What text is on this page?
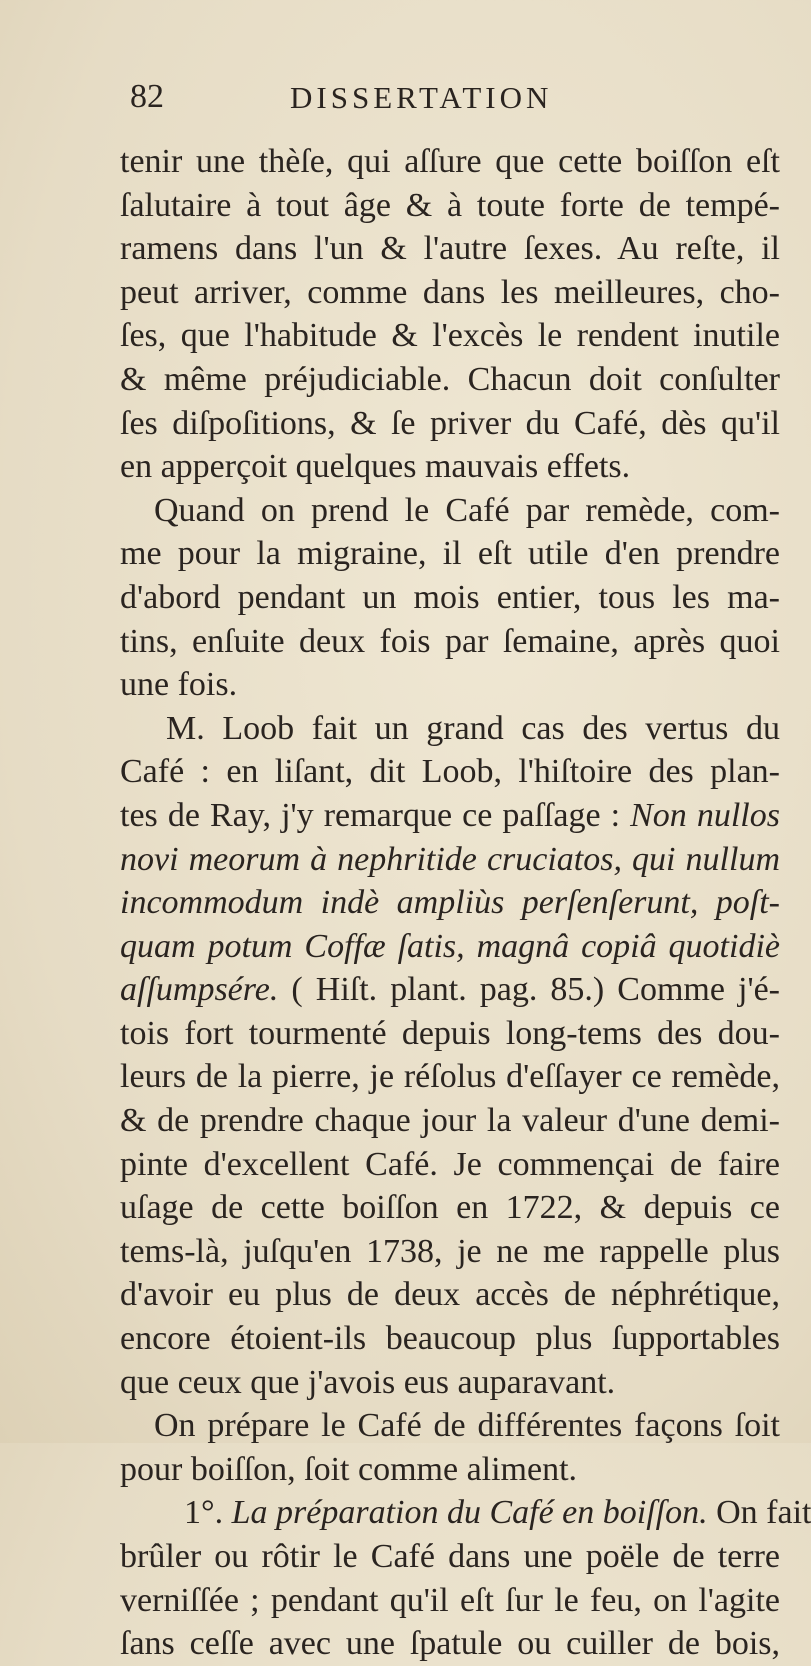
82	DISSERTATION
tenir une thèſe, qui aſſure que cette boiſſon eſt
ſalutaire à tout âge & à toute forte de tempé-
ramens dans l'un & l'autre ſexes. Au reſte, il
peut arriver, comme dans les meilleures, cho-
ſes, que l'habitude & l'excès le rendent inutile
& même préjudiciable. Chacun doit conſulter
ſes diſpoſitions, & ſe priver du Café, dès qu'il
en apperçoit quelques mauvais effets.
Quand on prend le Café par remède, com-
me pour la migraine, il eſt utile d'en prendre
d'abord pendant un mois entier, tous les ma-
tins, enſuite deux fois par ſemaine, après quoi
une fois.
M. Loob fait un grand cas des vertus du
Café : en liſant, dit Loob, l'hiſtoire des plan-
tes de Ray, j'y remarque ce paſſage : Non nullos
novi meorum à nephritide cruciatos, qui nullum
incommodum indè ampliùs perſenſerunt, poſt-
quam potum Coffæ ſatis, magnâ copiâ quotidiè
aſſumpsére. ( Hiſt. plant. pag. 85.) Comme j'é-
tois fort tourmenté depuis long-tems des dou-
leurs de la pierre, je réſolus d'eſſayer ce remède,
& de prendre chaque jour la valeur d'une demi-
pinte d'excellent Café. Je commençai de faire
uſage de cette boiſſon en 1722, & depuis ce
tems-là, juſqu'en 1738, je ne me rappelle plus
d'avoir eu plus de deux accès de néphrétique,
encore étoient-ils beaucoup plus ſupportables
que ceux que j'avois eus auparavant.
On prépare le Café de différentes façons ſoit
pour boiſſon, ſoit comme aliment.
1°. La préparation du Café en boiſſon. On fait
brûler ou rôtir le Café dans une poële de terre
verniſſée ; pendant qu'il eſt ſur le feu, on l'agite
ſans ceſſe avec une ſpatule ou cuiller de bois,
